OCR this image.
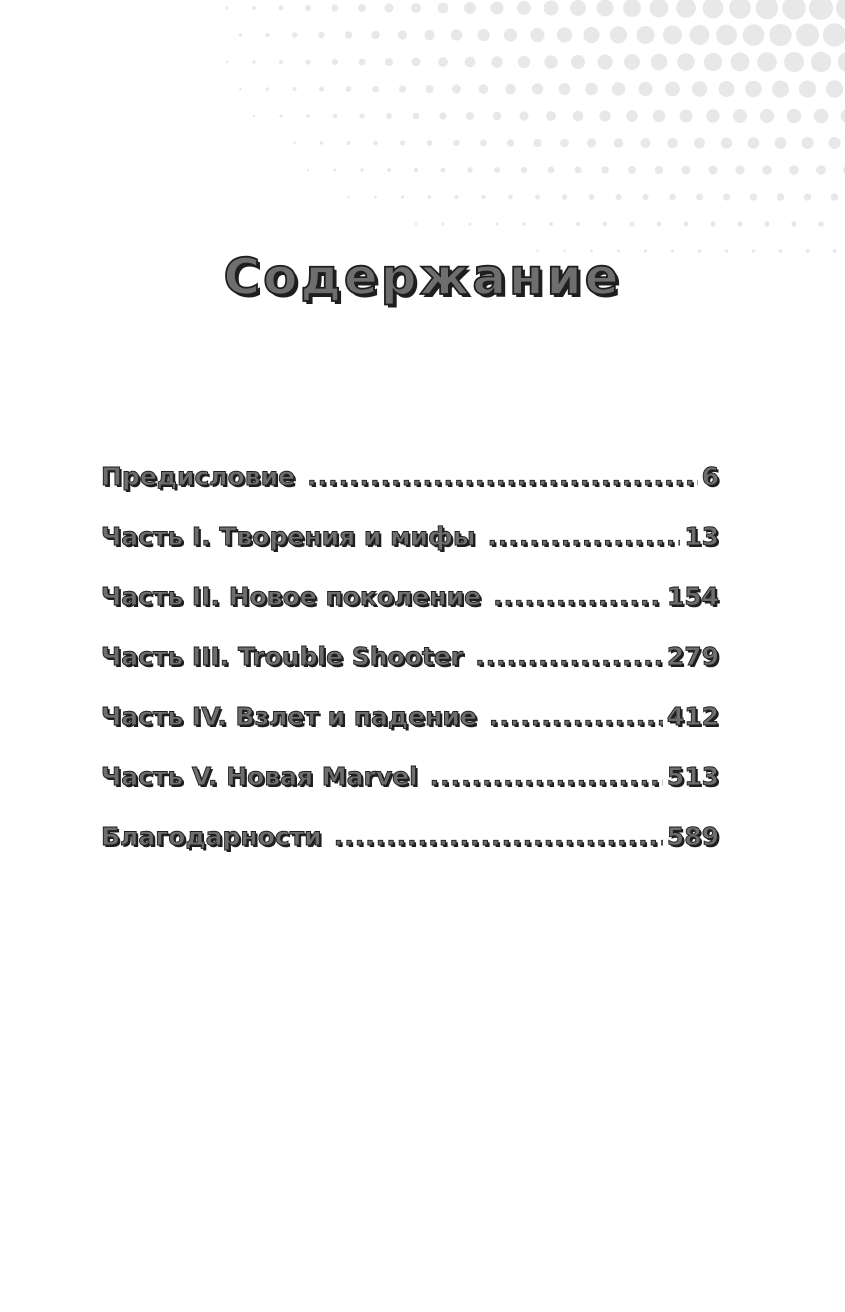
Содержание
Предисловие .....	6
Часть I. Творения и мифы .....	13
Часть II. Новое поколение .....	154
Часть III. Trouble Shooter .....	279
Часть IV. Взлет и падение .....	412
Часть V. Новая Marvel .....	513
Благодарности .....	589
